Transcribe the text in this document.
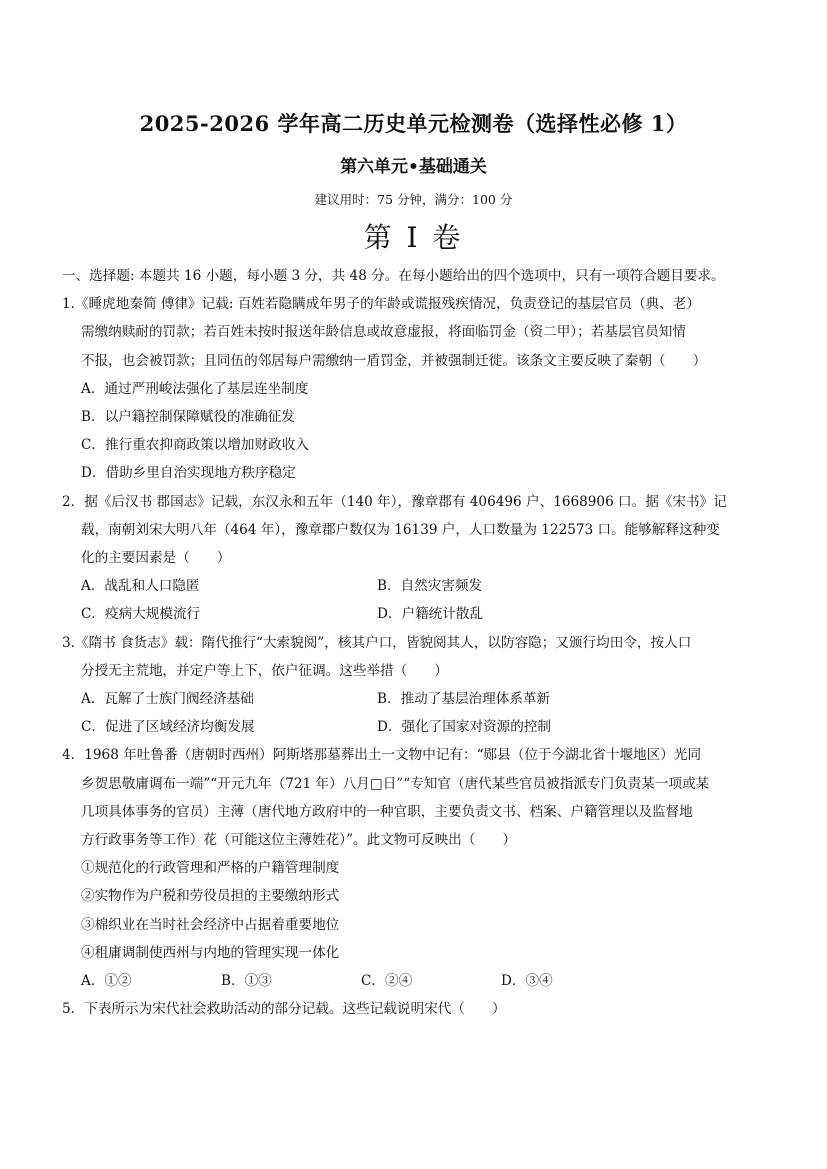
2025-2026 学年高二历史单元检测卷（选择性必修 1）
第六单元•基础通关
建议用时：75 分钟，满分：100 分
第 I 卷

一、选择题: 本题共 16 小题，每小题 3 分，共 48 分。在每小题给出的四个选项中，只有一项符合题目要求。

1.《睡虎地秦简 傅律》记载: 百姓若隐瞒成年男子的年龄或谎报残疾情况，负责登记的基层官员（典、老）

需缴纳赎耐的罚款；若百姓未按时报送年龄信息或故意虚报，将面临罚金（资二甲）；若基层官员知情

不报，也会被罚款；且同伍的邻居每户需缴纳一盾罚金，并被强制迁徙。该条文主要反映了秦朝（　　）

A．通过严刑峻法强化了基层连坐制度

B．以户籍控制保障赋役的准确征发

C．推行重农抑商政策以增加财政收入

D．借助乡里自治实现地方秩序稳定

2．据《后汉书 郡国志》记载，东汉永和五年（140 年），豫章郡有 406496 户、1668906 口。据《宋书》记

载，南朝刘宋大明八年（464 年），豫章郡户数仅为 16139 户，人口数量为 122573 口。能够解释这种变

化的主要因素是（　　）

A．战乱和人口隐匿	B．自然灾害频发
C．疫病大规模流行	D．户籍统计散乱

3.《隋书 食货志》载：隋代推行“大索貌阅”，核其户口，皆貌阅其人，以防容隐；又颁行均田令，按人口

分授无主荒地，并定户等上下，依户征调。这些举措（　　）

A．瓦解了士族门阀经济基础	B．推动了基层治理体系革新
C．促进了区域经济均衡发展	D．强化了国家对资源的控制

4．1968 年吐鲁番（唐朝时西州）阿斯塔那墓葬出土一文物中记有：“郧县（位于今湖北省十堰地区）光同

乡贺思敬庸调布一端”“开元九年（721 年）八月□日”“专知官（唐代某些官员被指派专门负责某一项或某

几项具体事务的官员）主薄（唐代地方政府中的一种官职，主要负责文书、档案、户籍管理以及监督地

方行政事务等工作）花（可能这位主薄姓花）”。此文物可反映出（　　）

①规范化的行政管理和严格的户籍管理制度

②实物作为户税和劳役员担的主要缴纳形式

③棉织业在当时社会经济中占据着重要地位

④租庸调制使西州与内地的管理实现一体化

A．①②	B．①③	C．②④	D．③④

5．下表所示为宋代社会救助活动的部分记载。这些记载说明宋代（　　）
